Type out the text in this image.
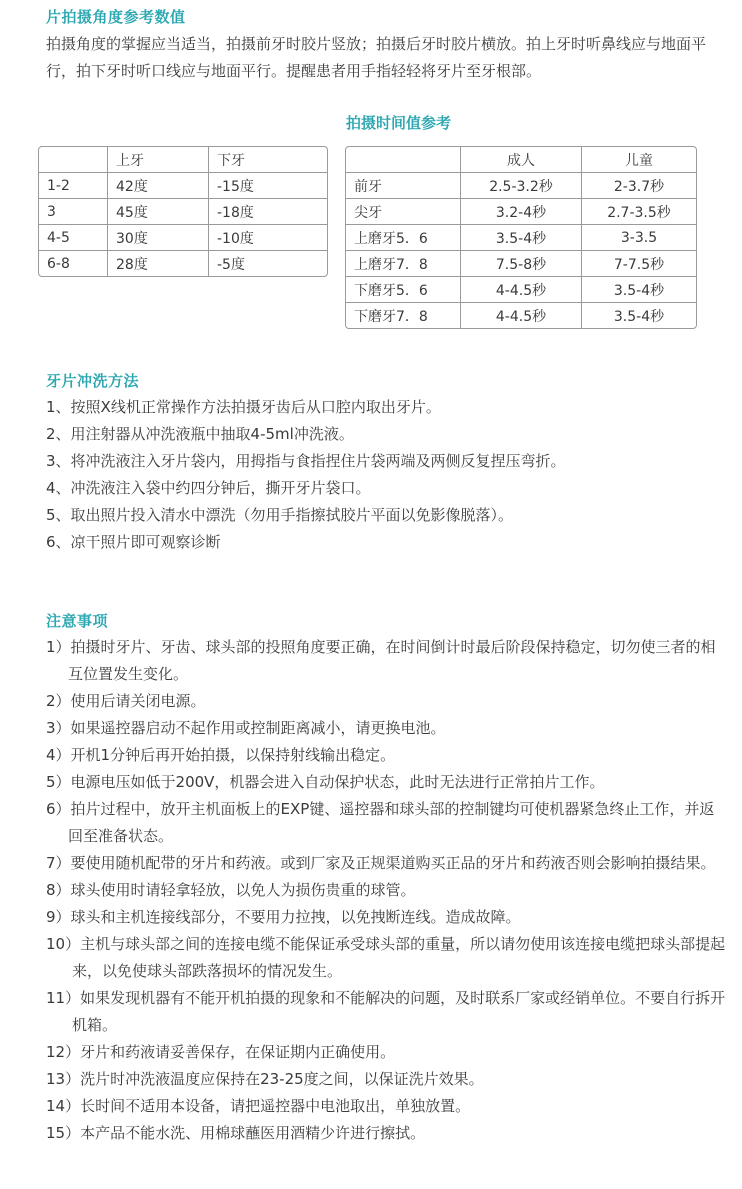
片拍摄角度参考数值
拍摄角度的掌握应当适当，拍摄前牙时胶片竖放；拍摄后牙时胶片横放。拍上牙时听鼻线应与地面平行，拍下牙时听口线应与地面平行。提醒患者用手指轻轻将牙片至牙根部。
拍摄时间值参考
	上牙	下牙
1-2	42度	-15度
3	45度	-18度
4-5	30度	-10度
6-8	28度	-5度
	成人	儿童
前牙	2.5-3.2秒	2-3.7秒
尖牙	3.2-4秒	2.7-3.5秒
上磨牙5．6	3.5-4秒	3-3.5
上磨牙7．8	7.5-8秒	7-7.5秒
下磨牙5．6	4-4.5秒	3.5-4秒
下磨牙7．8	4-4.5秒	3.5-4秒
牙片冲洗方法
1、按照X线机正常操作方法拍摄牙齿后从口腔内取出牙片。
2、用注射器从冲洗液瓶中抽取4-5ml冲洗液。
3、将冲洗液注入牙片袋内，用拇指与食指捏住片袋两端及两侧反复捏压弯折。
4、冲洗液注入袋中约四分钟后，撕开牙片袋口。
5、取出照片投入清水中漂洗（勿用手指擦拭胶片平面以免影像脱落）。
6、凉干照片即可观察诊断
注意事项
1）拍摄时牙片、牙齿、球头部的投照角度要正确，在时间倒计时最后阶段保持稳定，切勿使三者的相互位置发生变化。
2）使用后请关闭电源。
3）如果遥控器启动不起作用或控制距离减小，请更换电池。
4）开机1分钟后再开始拍摄，以保持射线输出稳定。
5）电源电压如低于200V，机器会进入自动保护状态，此时无法进行正常拍片工作。
6）拍片过程中，放开主机面板上的EXP键、遥控器和球头部的控制键均可使机器紧急终止工作，并返回至准备状态。
7）要使用随机配带的牙片和药液。或到厂家及正规渠道购买正品的牙片和药液否则会影响拍摄结果。
8）球头使用时请轻拿轻放，以免人为损伤贵重的球管。
9）球头和主机连接线部分，不要用力拉拽，以免拽断连线。造成故障。
10）主机与球头部之间的连接电缆不能保证承受球头部的重量，所以请勿使用该连接电缆把球头部提起来，以免使球头部跌落损坏的情况发生。
11）如果发现机器有不能开机拍摄的现象和不能解决的问题，及时联系厂家或经销单位。不要自行拆开机箱。
12）牙片和药液请妥善保存，在保证期内正确使用。
13）洗片时冲洗液温度应保持在23-25度之间，以保证洗片效果。
14）长时间不适用本设备，请把遥控器中电池取出，单独放置。
15）本产品不能水洗、用棉球蘸医用酒精少许进行擦拭。
